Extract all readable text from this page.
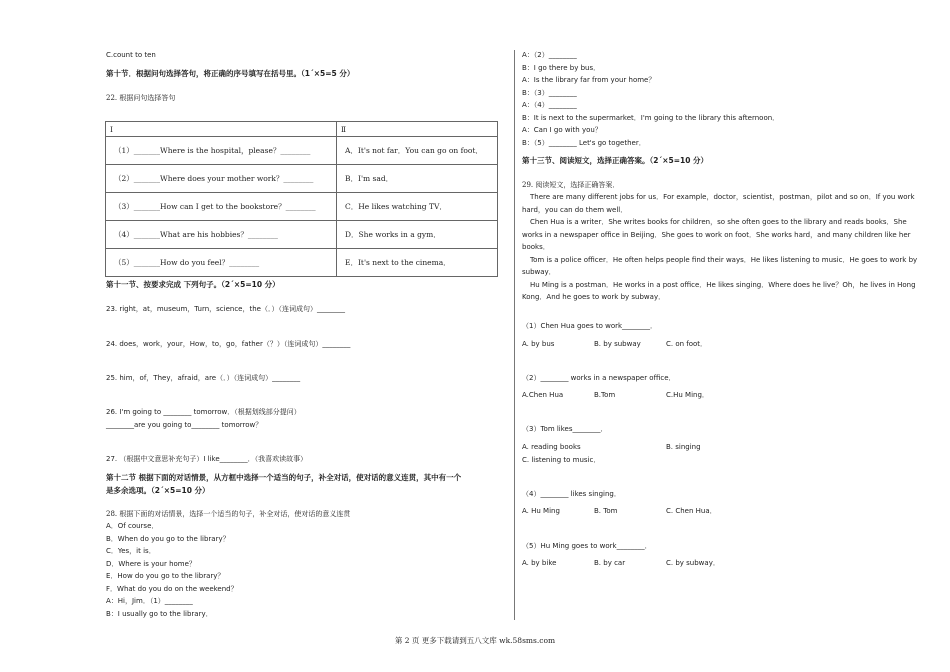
C.count to ten
第十节．根据问句选择答句，将正确的序号填写在括号里。（1´×5=5 分）
22. 根据问句选择答句
Ⅰ	Ⅱ
（1）_______Where is the hospital，please？________	A．It's not far．You can go on foot．
（2）_______Where does your mother work？________	B．I'm sad．
（3）_______How can I get to the bookstore？________	C．He likes watching TV．
（4）_______What are his hobbies？________	D．She works in a gym．
（5）_______How do you feel？________	E．It's next to the cinema．
第十一节、按要求完成 下列句子。（2´×5=10 分）
23. right，at，museum，Turn，science，the（．）（连词成句）________
24. does，work，your，How，to，go，father（？）（连词成句）________
25. him，of，They，afraid，are（．）（连词成句）________
26. I'm going to ________ tomorrow．（根据划线部分提问）
________are you going to________ tomorrow？
27. （根据中文意思补充句子）I like________．（我喜欢读故事）
第十二节 根据下面的对话情景，从方框中选择一个适当的句子，补全对话，使对话的意义连贯，其中有一个
是多余选项。（2´×5=10 分）
28. 根据下面的对话情景，选择一个适当的句子，补全对话，使对话的意义连贯
A．Of course．
B．When do you go to the library？
C．Yes，it is．
D．Where is your home？
E．How do you go to the library？
F．What do you do on the weekend？
A：Hi，Jim．（1）________
B：I usually go to the library．
A：（2）________
B：I go there by bus．
A：Is the library far from your home？
B：（3）________
A：（4）________
B：It is next to the supermarket．I'm going to the library this afternoon．
A：Can I go with you？
B：（5）________ Let's go together．
第十三节、阅读短文，选择正确答案。（2´×5=10 分）
29. 阅读短文，选择正确答案．
There are many different jobs for us．For example，doctor，scientist，postman，pilot and so on．If you work
hard，you can do them well．
Chen Hua is a writer．She writes books for children，so she often goes to the library and reads books．She
works in a newspaper office in Beijing．She goes to work on foot．She works hard，and many children like her
books．
Tom is a police officer．He often helps people find their ways．He likes listening to music．He goes to work by
subway．
Hu Ming is a postman．He works in a post office．He likes singing．Where does he live？Oh，he lives in Hong
Kong．And he goes to work by subway．
（1）Chen Hua goes to work________．
A. by bus	B. by subway	C. on foot．
（2）________ works in a newspaper office．
A.Chen Hua	B.Tom	C.Hu Ming．
（3）Tom likes________．
A. reading books	B. singing
C. listening to music．
（4）________ likes singing．
A. Hu Ming	B. Tom	C. Chen Hua．
（5）Hu Ming goes to work________．
A. by bike	B. by car	C. by subway．
第 2 页 更多下载请到五八文库 wk.58sms.com
